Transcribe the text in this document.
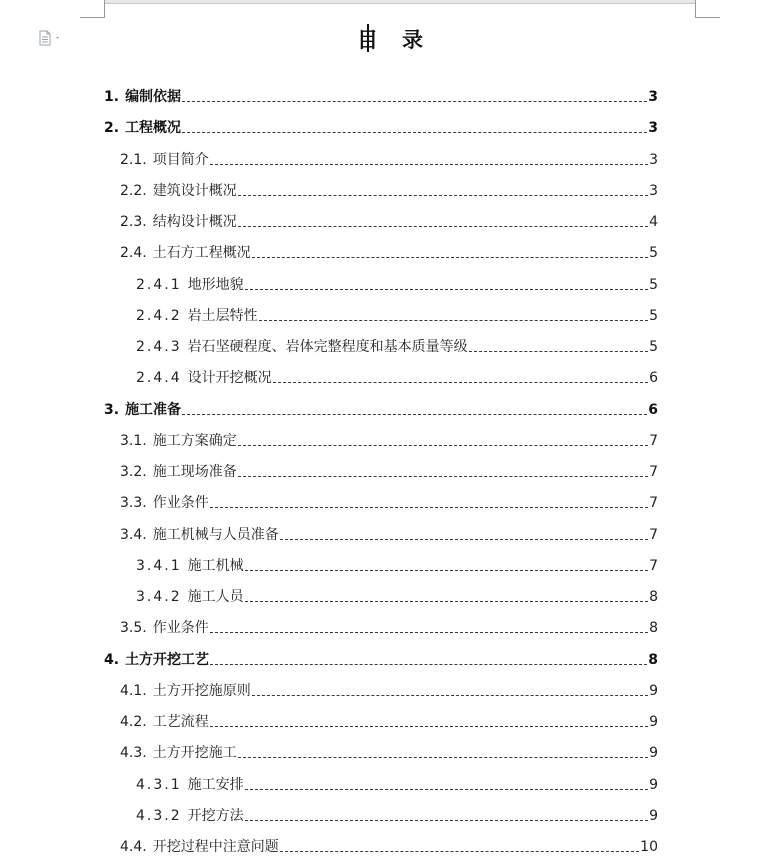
目 录
1. 编制依据	3
2. 工程概况	3
2.1. 项目简介	3
2.2. 建筑设计概况	3
2.3. 结构设计概况	4
2.4. 土石方工程概况	5
2.4.1 地形地貌	5
2.4.2 岩土层特性	5
2.4.3 岩石坚硬程度、岩体完整程度和基本质量等级	5
2.4.4 设计开挖概况	6
3. 施工准备	6
3.1. 施工方案确定	7
3.2. 施工现场准备	7
3.3. 作业条件	7
3.4. 施工机械与人员准备	7
3.4.1 施工机械	7
3.4.2 施工人员	8
3.5. 作业条件	8
4. 土方开挖工艺	8
4.1. 土方开挖施原则	9
4.2. 工艺流程	9
4.3. 土方开挖施工	9
4.3.1 施工安排	9
4.3.2 开挖方法	9
4.4. 开挖过程中注意问题	10
